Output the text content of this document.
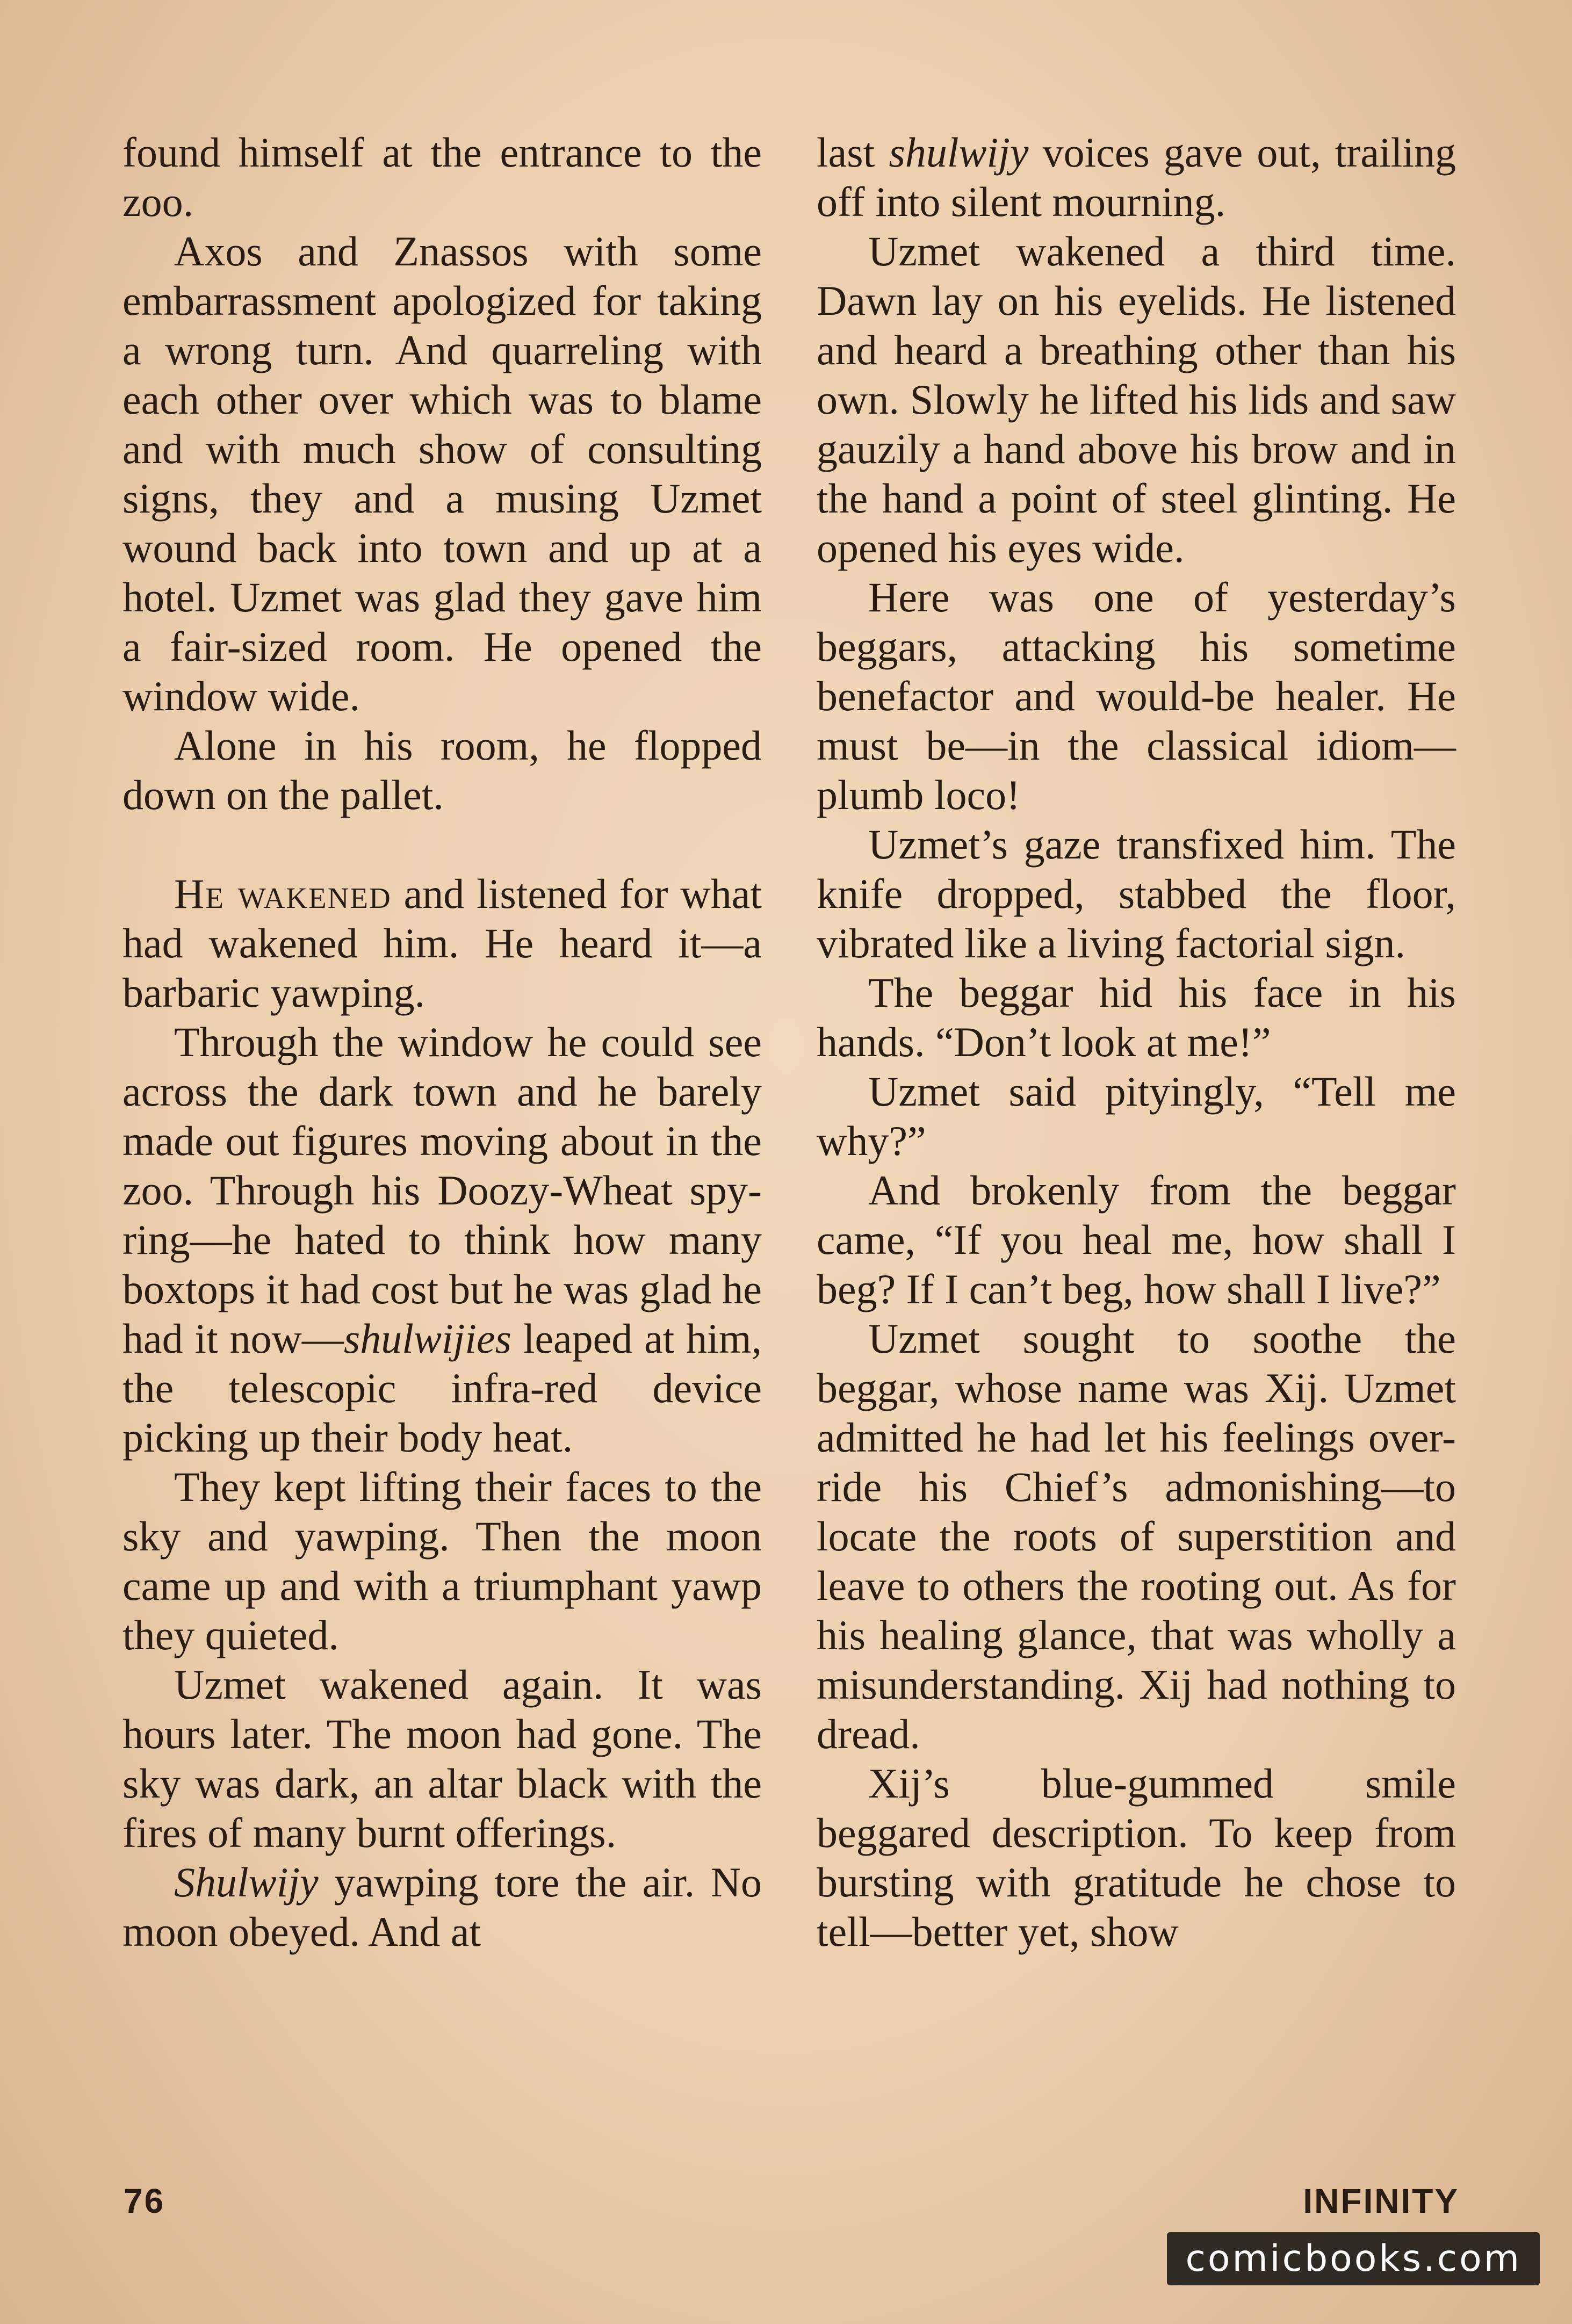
found himself at the entrance to the zoo.

Axos and Znassos with some embarrassment apologized for taking a wrong turn. And quarreling with each other over which was to blame and with much show of consulting signs, they and a musing Uzmet wound back into town and up at a hotel. Uzmet was glad they gave him a fair-sized room. He opened the window wide.

Alone in his room, he flopped down on the pallet.

He wakened and listened for what had wakened him. He heard it—a barbaric yawping.

Through the window he could see across the dark town and he barely made out figures moving about in the zoo. Through his Doozy-Wheat spy-ring—he hated to think how many boxtops it had cost but he was glad he had it now—shulwijies leaped at him, the telescopic infra-red device picking up their body heat.

They kept lifting their faces to the sky and yawping. Then the moon came up and with a triumphant yawp they quieted.

Uzmet wakened again. It was hours later. The moon had gone. The sky was dark, an altar black with the fires of many burnt offerings.

Shulwijy yawping tore the air. No moon obeyed. And at

last shulwijy voices gave out, trailing off into silent mourning.

Uzmet wakened a third time. Dawn lay on his eyelids. He listened and heard a breathing other than his own. Slowly he lifted his lids and saw gauzily a hand above his brow and in the hand a point of steel glinting. He opened his eyes wide.

Here was one of yesterday’s beggars, attacking his sometime benefactor and would-be healer. He must be—in the classical idiom—plumb loco!

Uzmet’s gaze transfixed him. The knife dropped, stabbed the floor, vibrated like a living factorial sign.

The beggar hid his face in his hands. “Don’t look at me!”

Uzmet said pityingly, “Tell me why?”

And brokenly from the beggar came, “If you heal me, how shall I beg? If I can’t beg, how shall I live?”

Uzmet sought to soothe the beggar, whose name was Xij. Uzmet admitted he had let his feelings over-ride his Chief’s admonishing—to locate the roots of superstition and leave to others the rooting out. As for his healing glance, that was wholly a misunderstanding. Xij had nothing to dread.

Xij’s blue-gummed smile beggared description. To keep from bursting with gratitude he chose to tell—better yet, show

76	INFINITY
comicbooks.com
